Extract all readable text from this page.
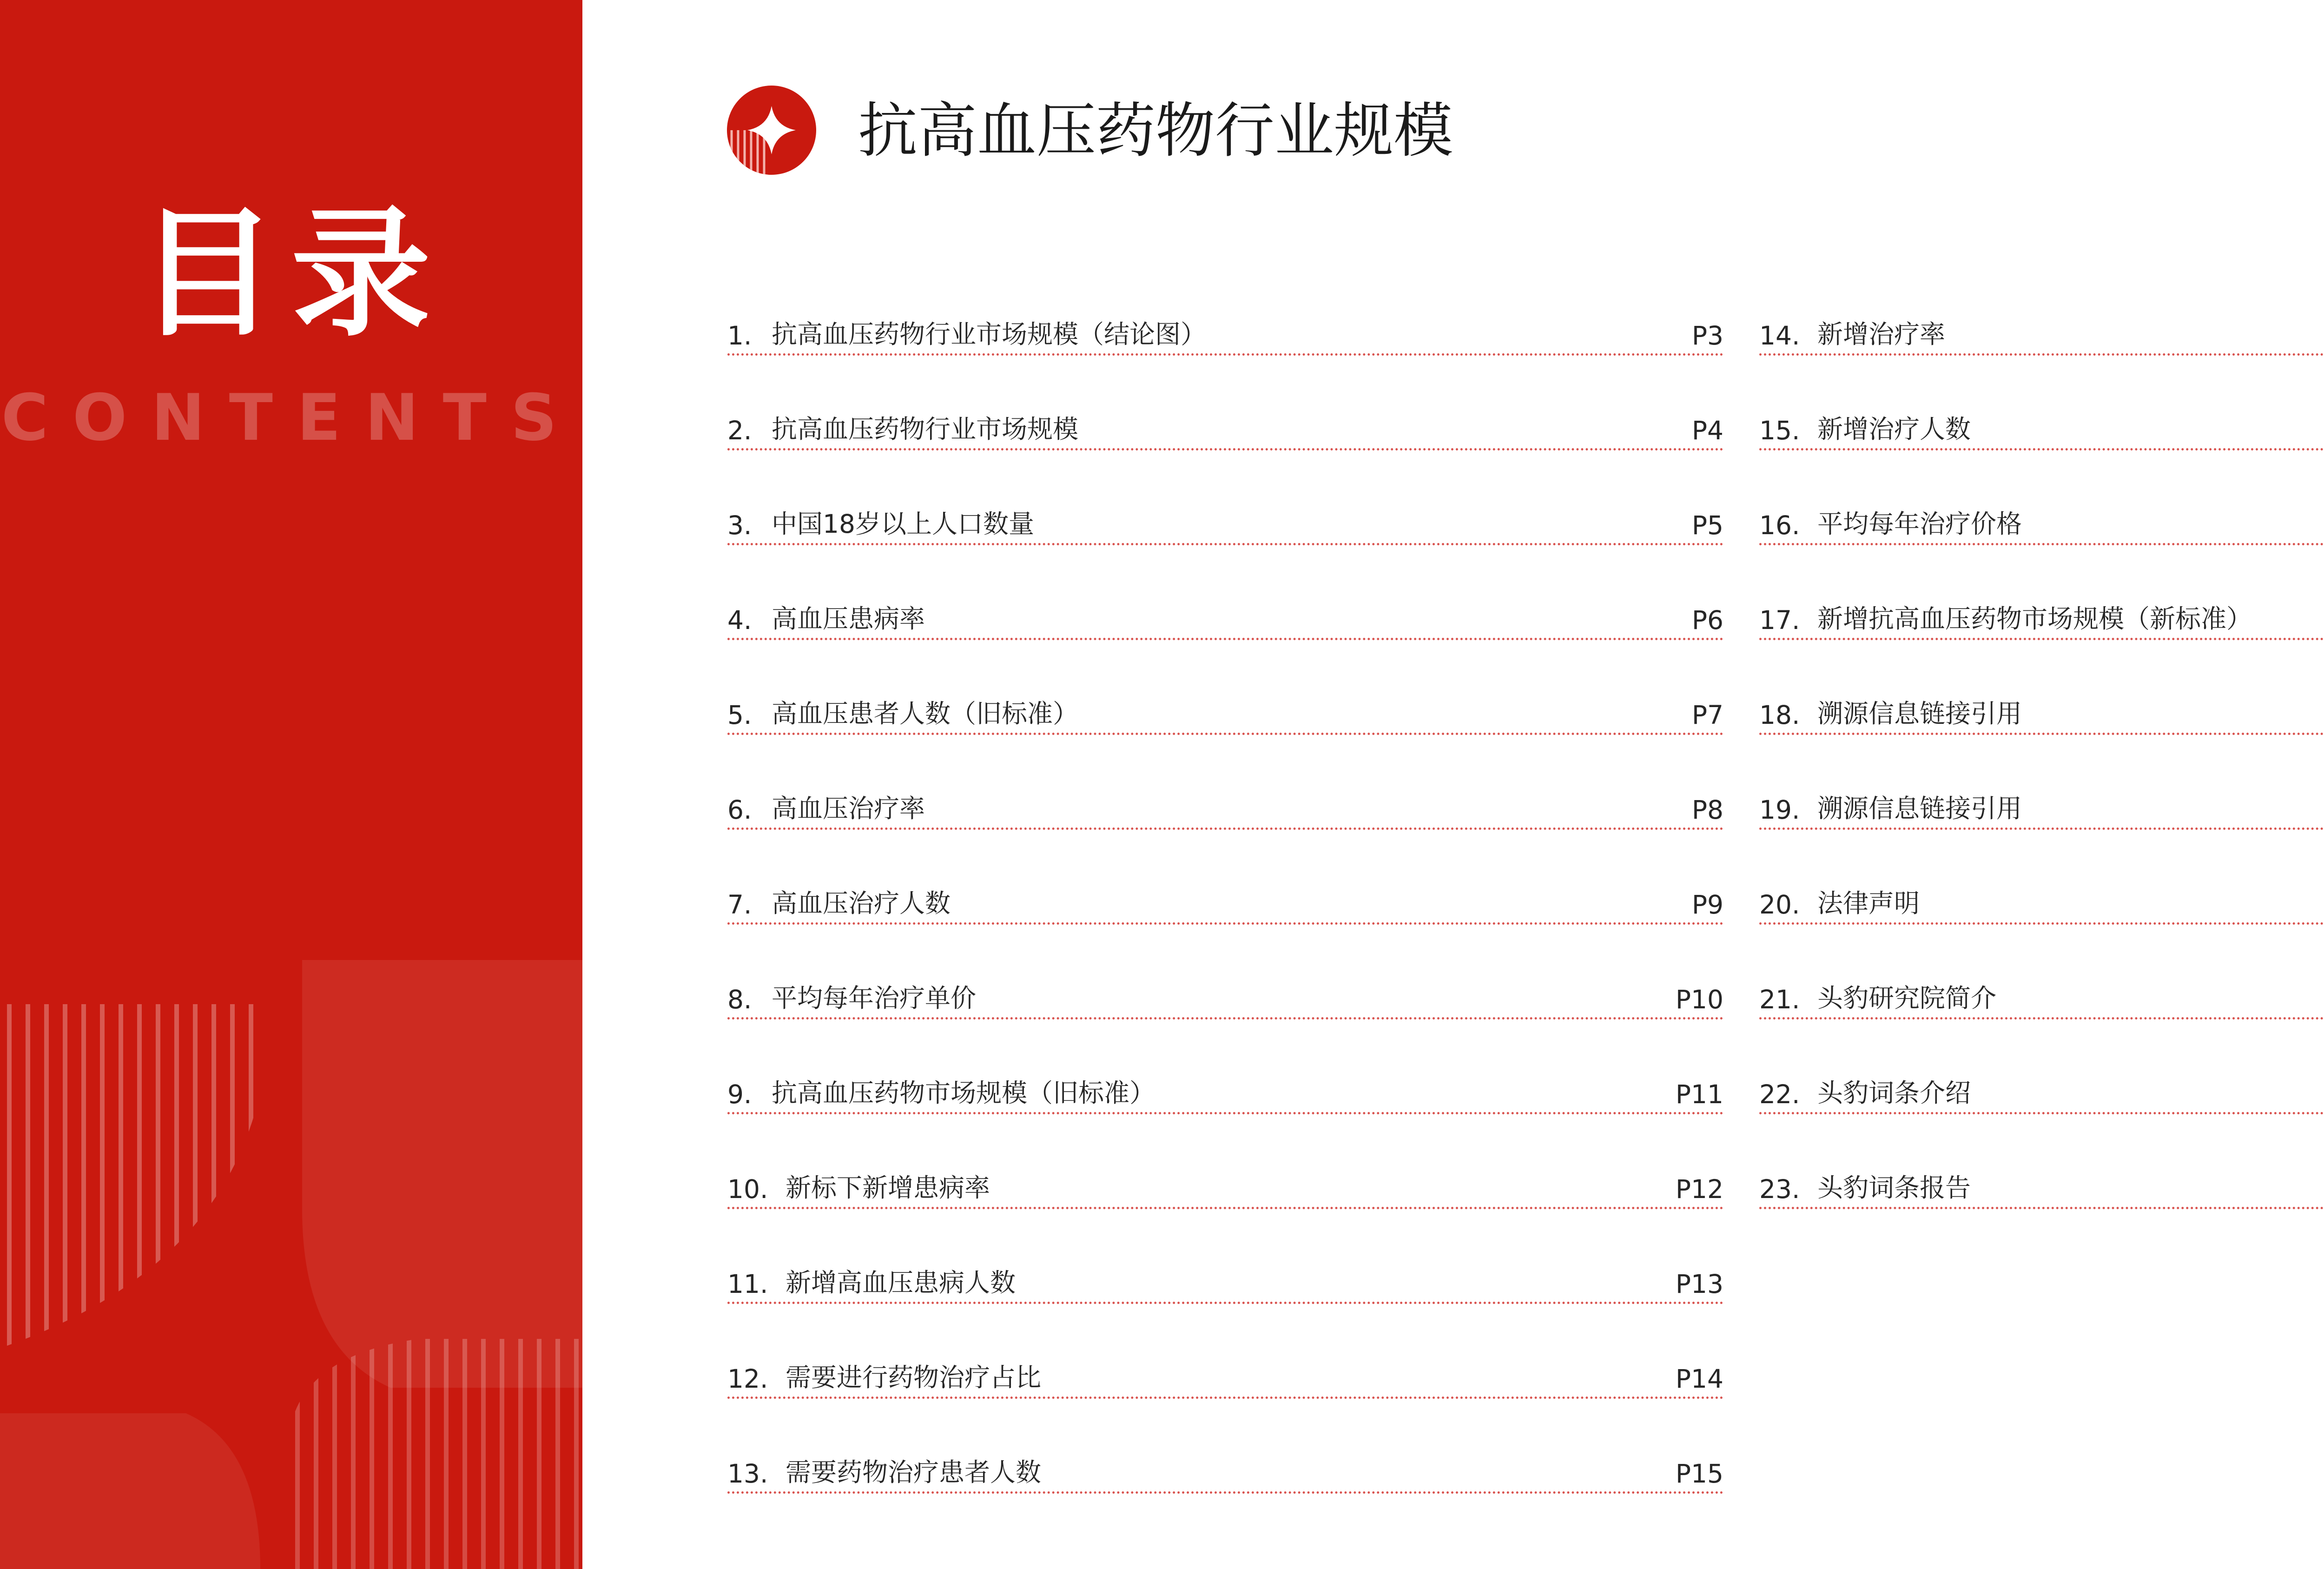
目录
CONTENTS
抗高血压药物行业规模
1. 抗高血压药物行业市场规模（结论图）	P3
2. 抗高血压药物行业市场规模	P4
3. 中国18岁以上人口数量	P5
4. 高血压患病率	P6
5. 高血压患者人数（旧标准）	P7
6. 高血压治疗率	P8
7. 高血压治疗人数	P9
8. 平均每年治疗单价	P10
9. 抗高血压药物市场规模（旧标准）	P11
10. 新标下新增患病率	P12
11. 新增高血压患病人数	P13
12. 需要进行药物治疗占比	P14
13. 需要药物治疗患者人数	P15
14. 新增治疗率
15. 新增治疗人数
16. 平均每年治疗价格
17. 新增抗高血压药物市场规模（新标准）
18. 溯源信息链接引用
19. 溯源信息链接引用
20. 法律声明
21. 头豹研究院简介
22. 头豹词条介绍
23. 头豹词条报告
